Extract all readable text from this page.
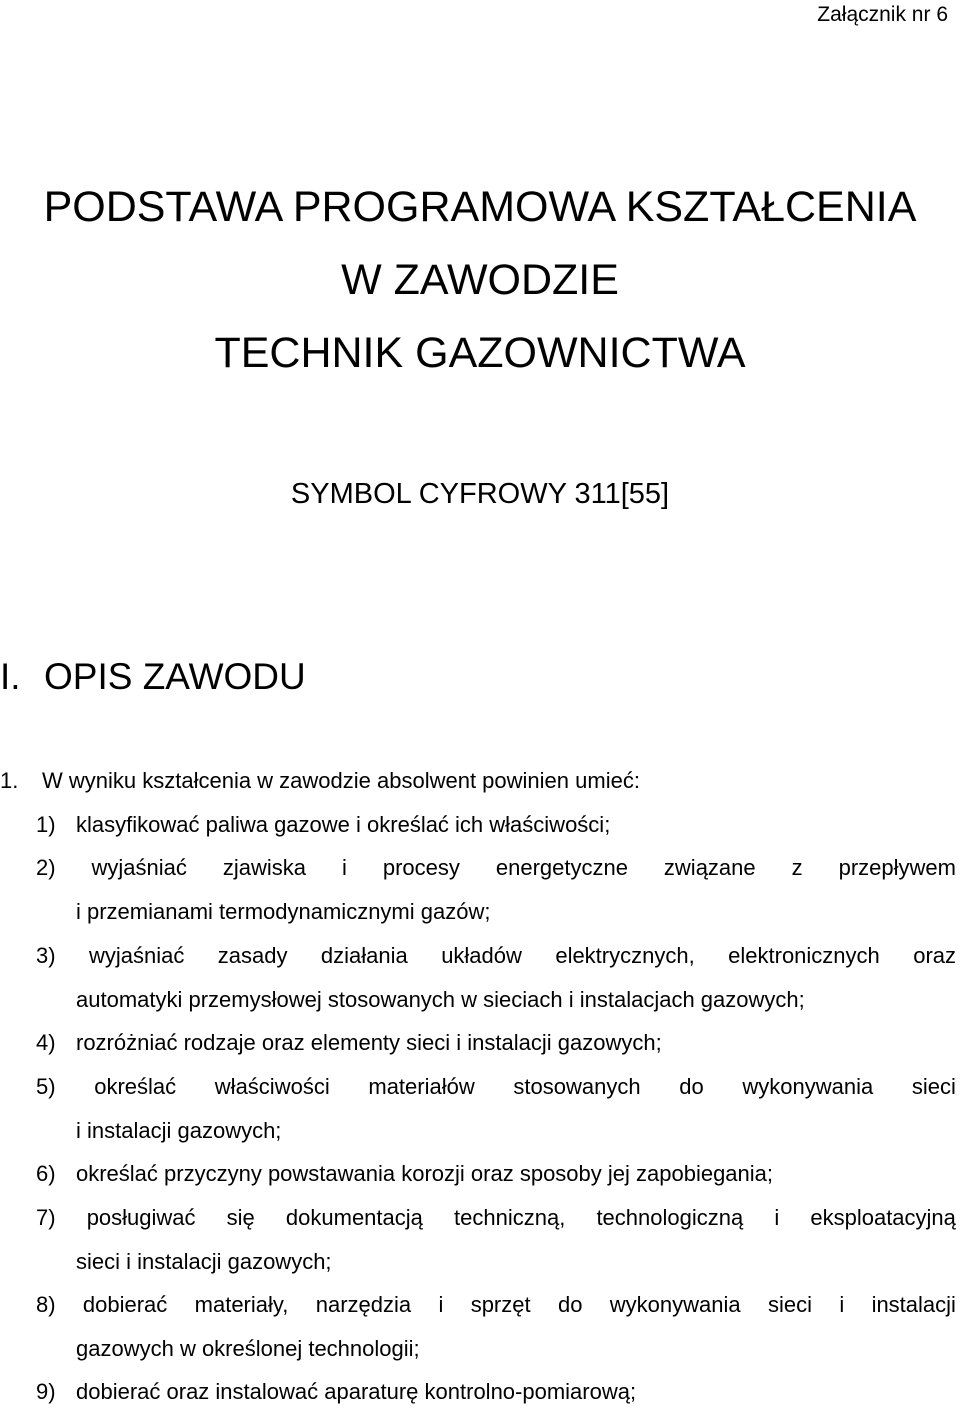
Załącznik nr 6
PODSTAWA PROGRAMOWA KSZTAŁCENIA
W ZAWODZIE
TECHNIK GAZOWNICTWA
SYMBOL CYFROWY 311[55]
I. OPIS ZAWODU
1. W wyniku kształcenia w zawodzie absolwent powinien umieć:
1) klasyfikować paliwa gazowe i określać ich właściwości;
2) wyjaśniać zjawiska i procesy energetyczne związane z przepływem
i przemianami termodynamicznymi gazów;
3) wyjaśniać zasady działania układów elektrycznych, elektronicznych oraz
automatyki przemysłowej stosowanych w sieciach i instalacjach gazowych;
4) rozróżniać rodzaje oraz elementy sieci i instalacji gazowych;
5) określać właściwości materiałów stosowanych do wykonywania sieci
i instalacji gazowych;
6) określać przyczyny powstawania korozji oraz sposoby jej zapobiegania;
7) posługiwać się dokumentacją techniczną, technologiczną i eksploatacyjną
sieci i instalacji gazowych;
8) dobierać materiały, narzędzia i sprzęt do wykonywania sieci i instalacji
gazowych w określonej technologii;
9) dobierać oraz instalować aparaturę kontrolno-pomiarową;
